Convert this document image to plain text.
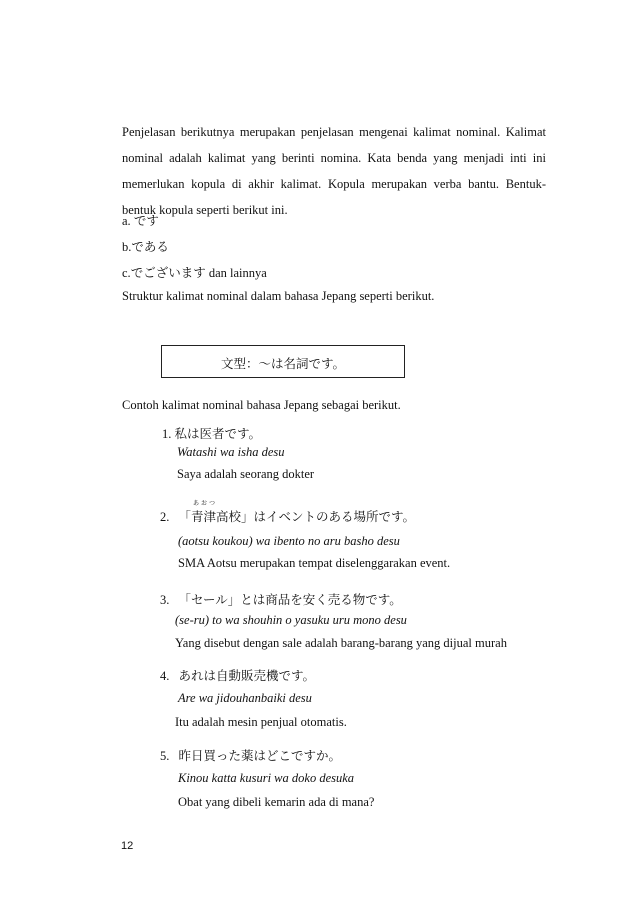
Penjelasan berikutnya merupakan penjelasan mengenai kalimat nominal. Kalimat nominal adalah kalimat yang berinti nomina. Kata benda yang menjadi inti ini memerlukan kopula di akhir kalimat. Kopula merupakan verba bantu. Bentuk-bentuk kopula seperti berikut ini.
a. です
b.である
c.でございます dan lainnya
Struktur kalimat nominal dalam bahasa Jepang seperti berikut.
文型：～は名詞です。
Contoh kalimat nominal bahasa Jepang sebagai berikut.
1. 私は医者です。
Watashi wa isha desu
Saya adalah seorang dokter
あおつ
2. 「青津高校」はイベントのある場所です。
(aotsu koukou) wa ibento no aru basho desu
SMA Aotsu merupakan tempat diselenggarakan event.
3. 「セール」とは商品を安く売る物です。
(se-ru) to wa shouhin o yasuku uru mono desu
Yang disebut dengan sale adalah barang-barang yang dijual murah
4. あれは自動販売機です。
Are wa jidouhanbaiki desu
Itu adalah mesin penjual otomatis.
5. 昨日買った薬はどこですか。
Kinou katta kusuri wa doko desuka
Obat yang dibeli kemarin ada di mana?
12
